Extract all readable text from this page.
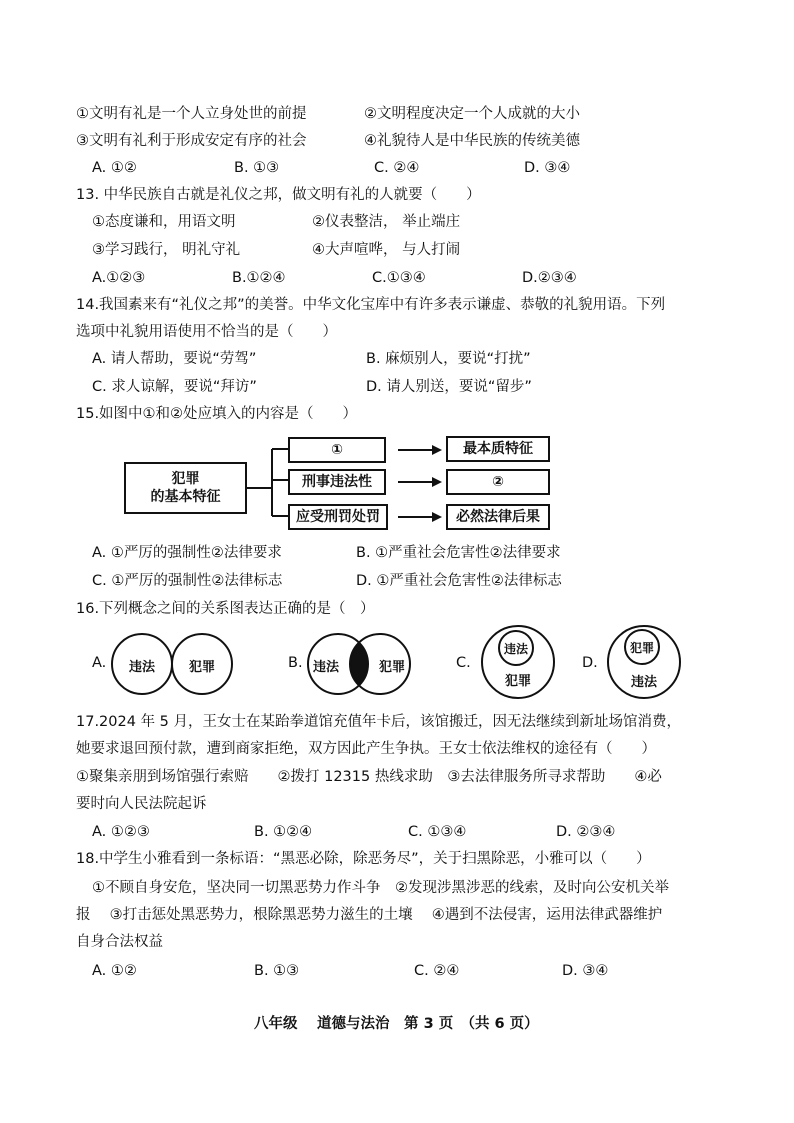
①文明有礼是一个人立身处世的前提	②文明程度决定一个人成就的大小
③文明有礼利于形成安定有序的社会	④礼貌待人是中华民族的传统美德
A. ①②	B. ①③	C. ②④	D. ③④
13. 中华民族自古就是礼仪之邦，做文明有礼的人就要（　　）
①态度谦和，用语文明	②仪表整洁， 举止端庄
③学习践行， 明礼守礼	④大声喧哗， 与人打闹
A.①②③	B.①②④	C.①③④	D.②③④
14.我国素来有“礼仪之邦”的美誉。中华文化宝库中有许多表示谦虚、恭敬的礼貌用语。下列
选项中礼貌用语使用不恰当的是（　　）
A. 请人帮助，要说“劳驾”	B. 麻烦别人，要说“打扰”
C. 求人谅解，要说“拜访”	D. 请人别送，要说“留步”
15.如图中①和②处应填入的内容是（　　）
犯罪
的基本特征
①
刑事违法性
应受刑罚处罚
最本质特征
②
必然法律后果
A. ①严厉的强制性②法律要求	B. ①严重社会危害性②法律要求
C. ①严厉的强制性②法律标志	D. ①严重社会危害性②法律标志
16.下列概念之间的关系图表达正确的是（　）
A.	违法	犯罪	B. 违法	犯罪	C.
违法
犯罪
D.
犯罪
违法
17.2024 年 5 月，王女士在某跆拳道馆充值年卡后，该馆搬迁，因无法继续到新址场馆消费，
她要求退回预付款，遭到商家拒绝，双方因此产生争执。王女士依法维权的途径有（　　）
①聚集亲朋到场馆强行索赔　　②拨打 12315 热线求助　③去法律服务所寻求帮助　　④必
要时向人民法院起诉
A. ①②③	B. ①②④	C. ①③④	D. ②③④
18.中学生小雅看到一条标语：“黑恶必除，除恶务尽”，关于扫黑除恶，小雅可以（　　）
①不顾自身安危，坚决同一切黑恶势力作斗争　②发现涉黑涉恶的线索，及时向公安机关举
报　 ③打击惩处黑恶势力，根除黑恶势力滋生的土壤　 ④遇到不法侵害，运用法律武器维护
自身合法权益
A. ①②	B. ①③	C. ②④	D. ③④
八年级　 道德与法治　第 3 页　（共 6 页）
